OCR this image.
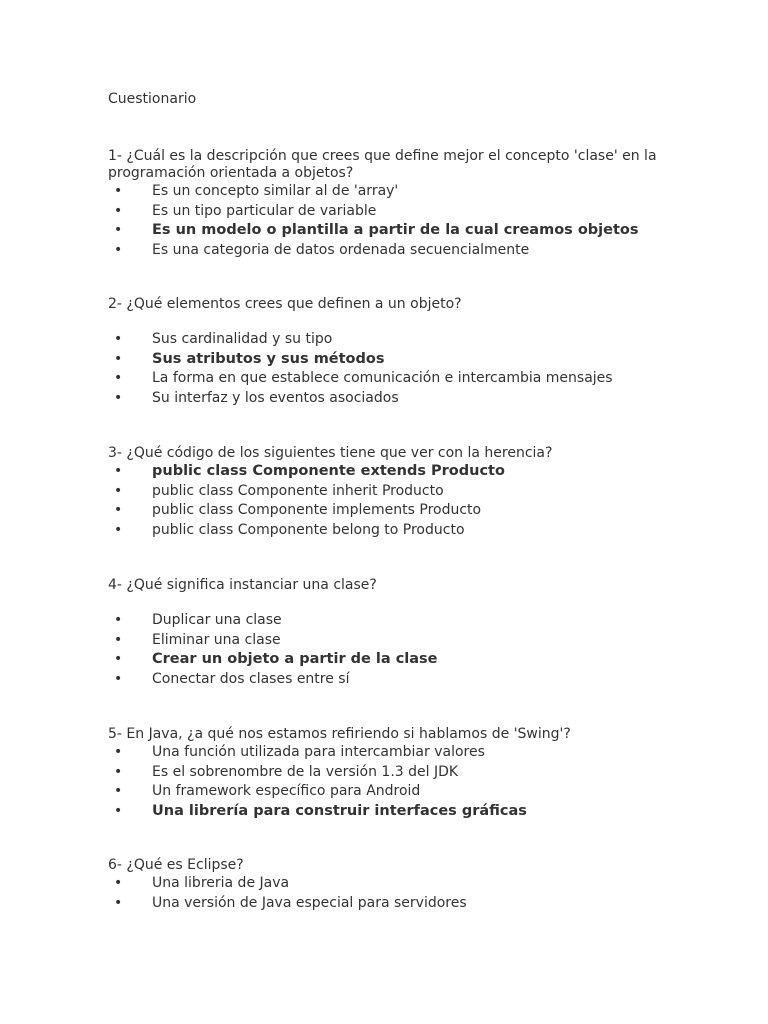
Cuestionario

1- ¿Cuál es la descripción que crees que define mejor el concepto 'clase' en la programación orientada a objetos?

• Es un concepto similar al de 'array'
• Es un tipo particular de variable
• Es un modelo o plantilla a partir de la cual creamos objetos
• Es una categoria de datos ordenada secuencialmente

2- ¿Qué elementos crees que definen a un objeto?

• Sus cardinalidad y su tipo
• Sus atributos y sus métodos
• La forma en que establece comunicación e intercambia mensajes
• Su interfaz y los eventos asociados

3- ¿Qué código de los siguientes tiene que ver con la herencia?

• public class Componente extends Producto
• public class Componente inherit Producto
• public class Componente implements Producto
• public class Componente belong to Producto

4- ¿Qué significa instanciar una clase?

• Duplicar una clase
• Eliminar una clase
• Crear un objeto a partir de la clase
• Conectar dos clases entre sí

5- En Java, ¿a qué nos estamos refiriendo si hablamos de 'Swing'?

• Una función utilizada para intercambiar valores
• Es el sobrenombre de la versión 1.3 del JDK
• Un framework específico para Android
• Una librería para construir interfaces gráficas

6- ¿Qué es Eclipse?

• Una libreria de Java
• Una versión de Java especial para servidores
